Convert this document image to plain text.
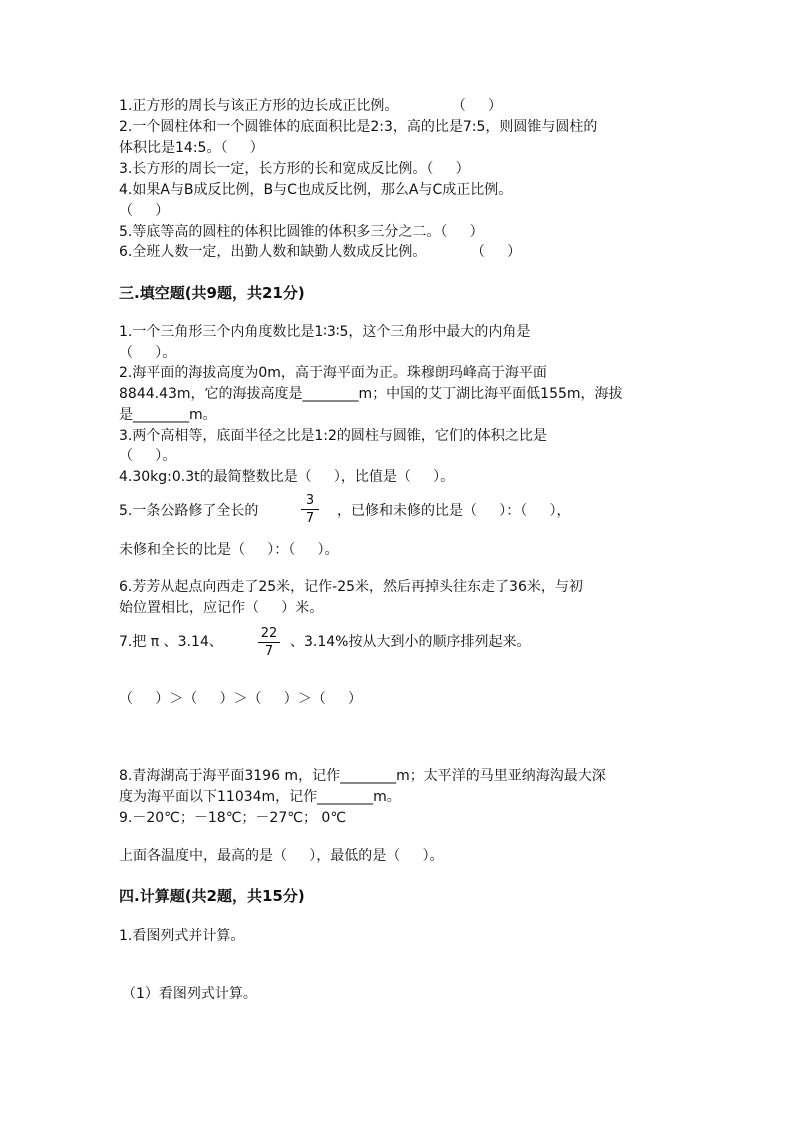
1.正方形的周长与该正方形的边长成正比例。            （     ）
2.一个圆柱体和一个圆锥体的底面积比是2:3，高的比是7:5，则圆锥与圆柱的
体积比是14:5。（     ）
3.长方形的周长一定，长方形的长和宽成反比例。（     ）
4.如果A与B成反比例，B与C也成反比例，那么A与C成正比例。
（     ）
5.等底等高的圆柱的体积比圆锥的体积多三分之二。（     ）
6.全班人数一定，出勤人数和缺勤人数成反比例。          （     ）
三.填空题(共9题，共21分)
1.一个三角形三个内角度数比是1∶3∶5，这个三角形中最大的内角是
（     ）。
2.海平面的海拔高度为0m，高于海平面为正。珠穆朗玛峰高于海平面
8844.43m，它的海拔高度是________m；中国的艾丁湖比海平面低155m，海拔
是________m。
3.两个高相等，底面半径之比是1:2的圆柱与圆锥，它们的体积之比是
（     ）。
4.30kg:0.3t的最简整数比是（     ），比值是（     ）。
5.一条公路修了全长的
3
7	，已修和未修的比是（     ）：（     ），
未修和全长的比是（     ）：（     ）。
6.芳芳从起点向西走了25米，记作-25米，然后再掉头往东走了36米，与初
始位置相比，应记作（     ）米。
7.把 π 、3.14、
22
7
、3.14%按从大到小的顺序排列起来。
（     ）＞（     ）＞（     ）＞（     ）
8.青海湖高于海平面3196 m，记作________m；太平洋的马里亚纳海沟最大深
度为海平面以下11034m，记作________m。
9.－20℃；－18℃；－27℃； 0℃
上面各温度中，最高的是（     ），最低的是（     ）。
四.计算题(共2题，共15分)
1.看图列式并计算。
（1）看图列式计算。
